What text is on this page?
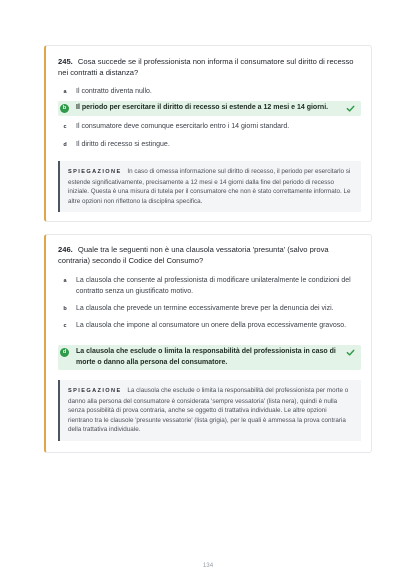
245. Cosa succede se il professionista non informa il consumatore sul diritto di recesso nei contratti a distanza?
a	Il contratto diventa nullo.
b	Il periodo per esercitare il diritto di recesso si estende a 12 mesi e 14 giorni.
c	Il consumatore deve comunque esercitarlo entro i 14 giorni standard.
d	Il diritto di recesso si estingue.
SPIEGAZIONE In caso di omessa informazione sul diritto di recesso, il periodo per esercitarlo si estende significativamente, precisamente a 12 mesi e 14 giorni dalla fine del periodo di recesso iniziale. Questa è una misura di tutela per il consumatore che non è stato correttamente informato. Le altre opzioni non riflettono la disciplina specifica.
246. Quale tra le seguenti non è una clausola vessatoria 'presunta' (salvo prova contraria) secondo il Codice del Consumo?
a	La clausola che consente al professionista di modificare unilateralmente le condizioni del contratto senza un giustificato motivo.
b	La clausola che prevede un termine eccessivamente breve per la denuncia dei vizi.
c	La clausola che impone al consumatore un onere della prova eccessivamente gravoso.
d	La clausola che esclude o limita la responsabilità del professionista in caso di morte o danno alla persona del consumatore.
SPIEGAZIONE La clausola che esclude o limita la responsabilità del professionista per morte o danno alla persona del consumatore è considerata 'sempre vessatoria' (lista nera), quindi è nulla senza possibilità di prova contraria, anche se oggetto di trattativa individuale. Le altre opzioni rientrano tra le clausole 'presunte vessatorie' (lista grigia), per le quali è ammessa la prova contraria della trattativa individuale.
134
